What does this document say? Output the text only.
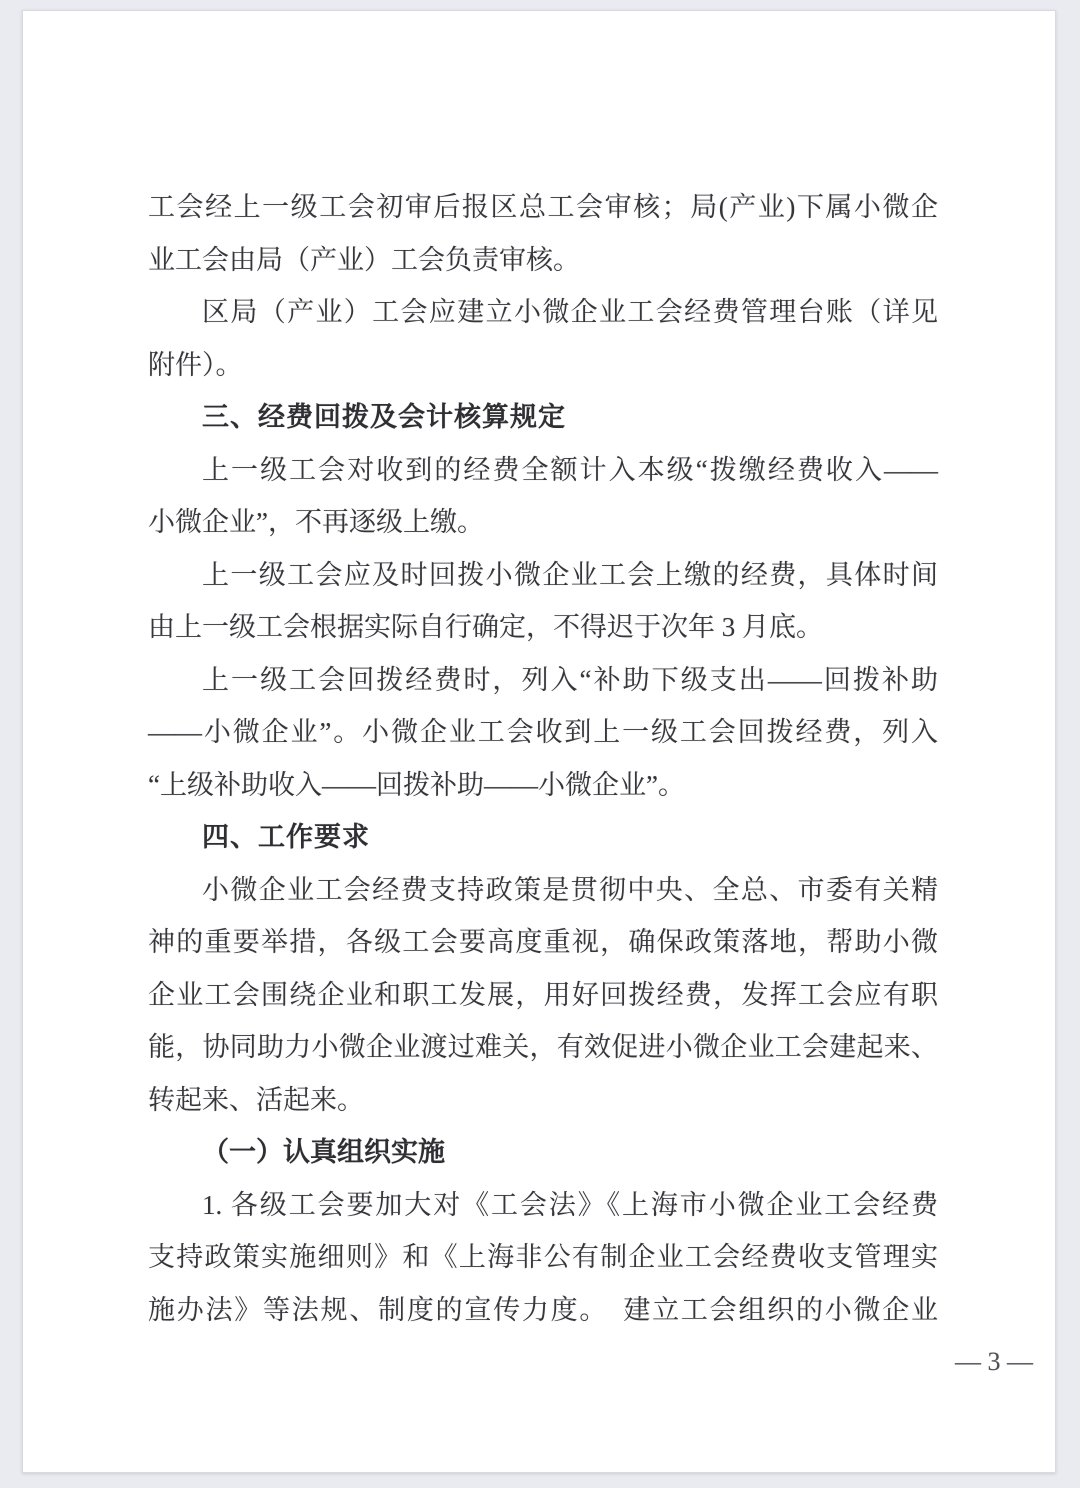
工会经上一级工会初审后报区总工会审核；局(产业)下属小微企
业工会由局（产业）工会负责审核。
区局（产业）工会应建立小微企业工会经费管理台账（详见
附件）。
三、经费回拨及会计核算规定
上一级工会对收到的经费全额计入本级“拨缴经费收入——
小微企业”，不再逐级上缴。
上一级工会应及时回拨小微企业工会上缴的经费，具体时间
由上一级工会根据实际自行确定，不得迟于次年 3 月底。
上一级工会回拨经费时，列入“补助下级支出——回拨补助
——小微企业”。小微企业工会收到上一级工会回拨经费，列入
“上级补助收入——回拨补助——小微企业”。
四、工作要求
小微企业工会经费支持政策是贯彻中央、全总、市委有关精
神的重要举措，各级工会要高度重视，确保政策落地，帮助小微
企业工会围绕企业和职工发展，用好回拨经费，发挥工会应有职
能，协同助力小微企业渡过难关，有效促进小微企业工会建起来、
转起来、活起来。
（一）认真组织实施
1. 各级工会要加大对《工会法》《上海市小微企业工会经费
支持政策实施细则》和《上海非公有制企业工会经费收支管理实
施办法》等法规、制度的宣传力度。　建立工会组织的小微企业
— 3 —
